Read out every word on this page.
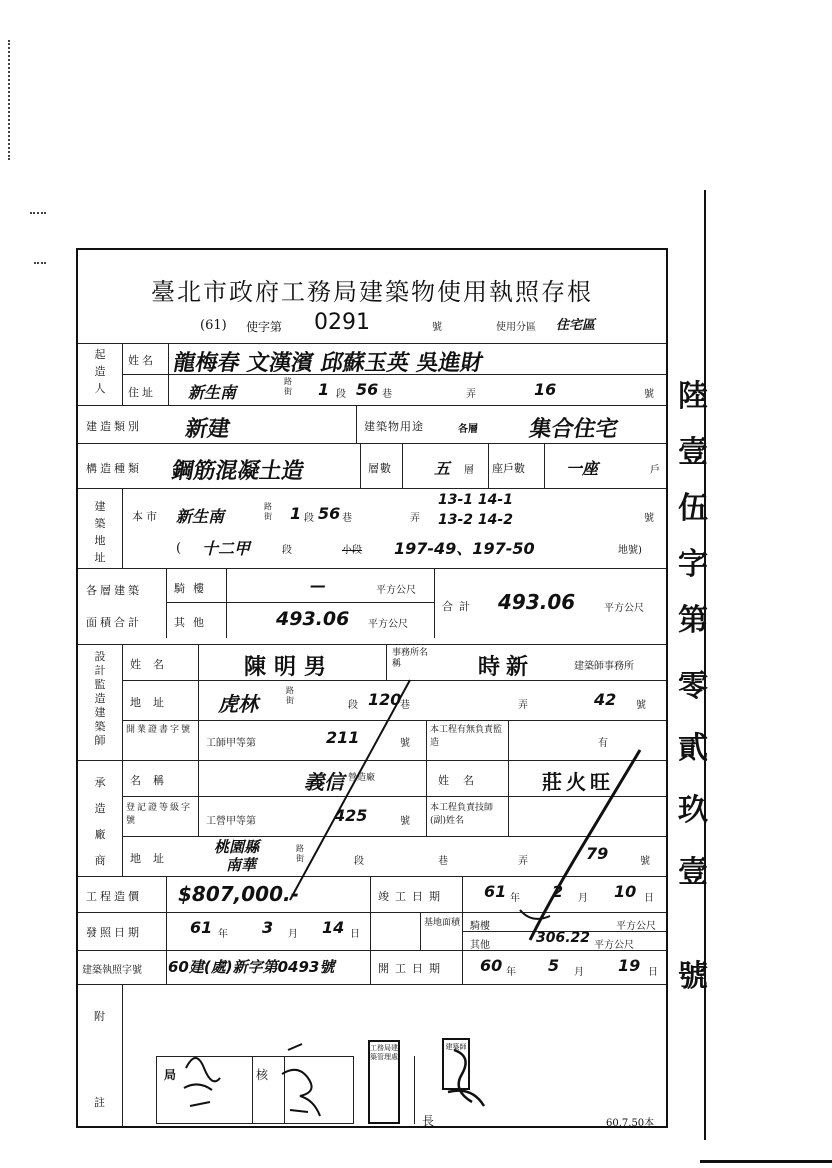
臺北市政府工務局建築物使用執照存根
(61) 使字第 0291	號	使用分區 住宅區
起造人
姓名 龍梅春 文漢濱 邱蘇玉英 吳進財
住址 新生南
路街 1 段 56 巷	弄	16	號
建造類別 新建	建築物用途	各層 集合住宅
構造種類 鋼筋混凝土造	層數	五 層 座戶數	一座	戶
建築地址
本市 新生南
路街 1 段 56 巷	弄
13-1 14-1
13-2 14-2	號
( 十二甲	段	小段 197-49、197-50	地號)
各層建築
面積合計
騎樓	—	平方公尺
其他	493.06 平方公尺
合計 493.06	平方公尺
設計監造建築師
姓名	陳明男
事務所名稱	時新	建築師事務所
地址 虎林
路街	段 120
巷	弄	42 號
開業證書字號
工師甲等第	211	號
本工程有無負責監造	有
承造廠商
名稱	義信 營造廠	姓名	莊火旺
登記證等級字號	工營甲等第	425	號
本工程負責技師(副)姓名
地址
桃園縣
南華
路街	段	巷	弄	79	號
工程造價 $807,000.-	竣工日期 61 年 2 月 10 日
發照日期	61 年 3 月 14 日
基地面積 騎樓	平方公尺
其他	306.22 平方公尺
建築執照字號 60建(處)新字第0493號	開工日期 60 年 5 月 19 日
附
註
局	核
長
工務局建築管理處
建築師
60.7.50本
陸
壹
伍
字
第
零
貳
玖
壹
號
